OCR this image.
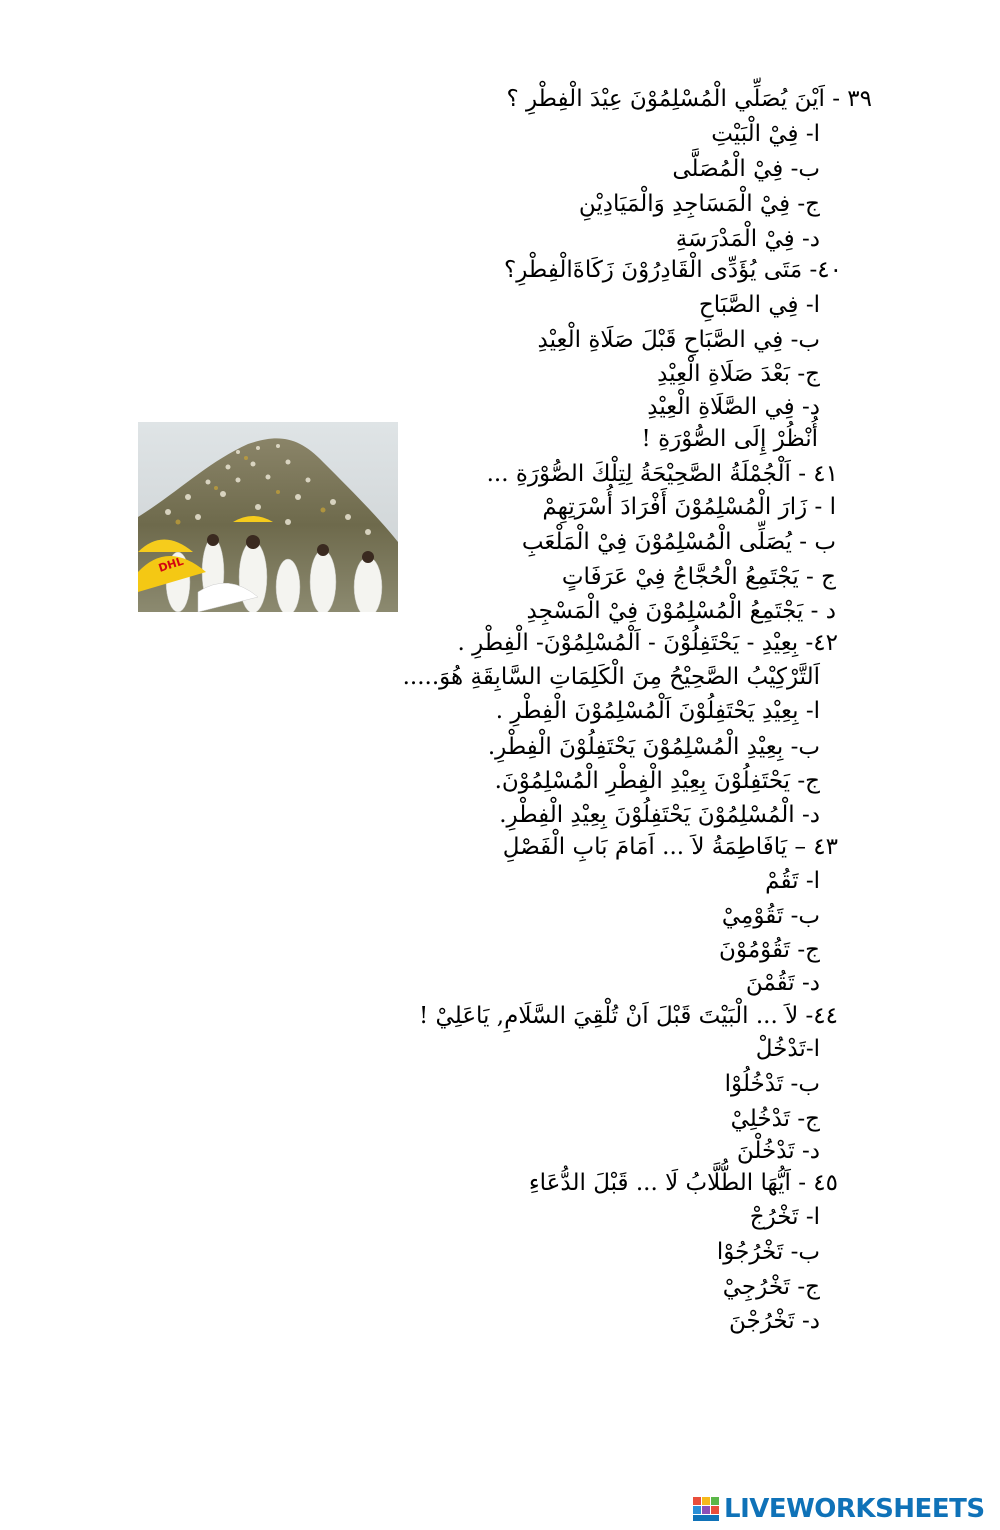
٣٩ - اَيْنَ يُصَلِّي الْمُسْلِمُوْنَ عِيْدَ الْفِطْرِ ؟
ا- فِيْ الْبَيْتِ
ب- فِيْ الْمُصَلَّى
ج- فِيْ الْمَسَاجِدِ وَالْمَيَادِيْنِ
د- فِيْ الْمَدْرَسَةِ
٤٠- مَتَى يُؤَدِّى الْقَادِرُوْنَ زَكَاةَالْفِطْرِ؟
ا- فِي الصَّبَاحِ
ب- فِي الصَّبَاحِ قَبْلَ صَلَاةِ الْعِيْدِ
ج- بَعْدَ صَلَاةِ الْعِيْدِ
د- فِي الصَّلَاةِ الْعِيْدِ
أُنْظُرْ إِلَى الصُّوْرَةِ !
٤١ - اَلْجُمْلَةُ الصَّحِيْحَةُ لِتِلْكَ الصُّوْرَةِ ...
ا - زَارَ الْمُسْلِمُوْنَ أَفْرَادَ أُسْرَتِهِمْ
ب - يُصَلِّى الْمُسْلِمُوْنَ فِيْ الْمَلْعَبِ
ج - يَجْتَمِعُ الْحُجَّاجُ فِيْ عَرَفَاتٍ
د - يَجْتَمِعُ الْمُسْلِمُوْنَ فِيْ الْمَسْجِدِ
٤٢- بِعِيْدِ - يَحْتَفِلُوْنَ - اَلْمُسْلِمُوْنَ- الْفِطْرِ .
اَلتَّرْكِيْبُ الصَّحِيْحُ مِنَ الْكَلِمَاتِ السَّابِقَةِ هُوَ.....
ا- بِعِيْدِ يَحْتَفِلُوْنَ اَلْمُسْلِمُوْنَ الْفِطْرِ .
ب- بِعِيْدِ الْمُسْلِمُوْنَ يَحْتَفِلُوْنَ الْفِطْرِ.
ج- يَحْتَفِلُوْنَ بِعِيْدِ الْفِطْرِ الْمُسْلِمُوْنَ.
د- الْمُسْلِمُوْنَ يَحْتَفِلُوْنَ بِعِيْدِ الْفِطْرِ.
٤٣ – يَافَاطِمَةُ لاَ ... اَمَامَ بَابِ الْفَصْلِ
ا- تَقُمْ
ب- تَقُوْمِيْ
ج- تَقُوْمُوْنَ
د- تَقُمْنَ
٤٤- لاَ ... الْبَيْتَ قَبْلَ اَنْ تُلْقِيَ السَّلَامِ, يَاعَلِيْ !
ا-تَدْخُلْ
ب- تَدْخُلُوْا
ج- تَدْخُلِيْ
د- تَدْخُلْنَ
٤٥ - اَيُّهَا الطُّلَّابُ لَا ... قَبْلَ الدُّعَاءِ
ا- تَخْرُجْ
ب- تَخْرُجُوْا
ج- تَخْرُجِيْ
د- تَخْرُجْنَ
DHL
LIVEWORKSHEETS
